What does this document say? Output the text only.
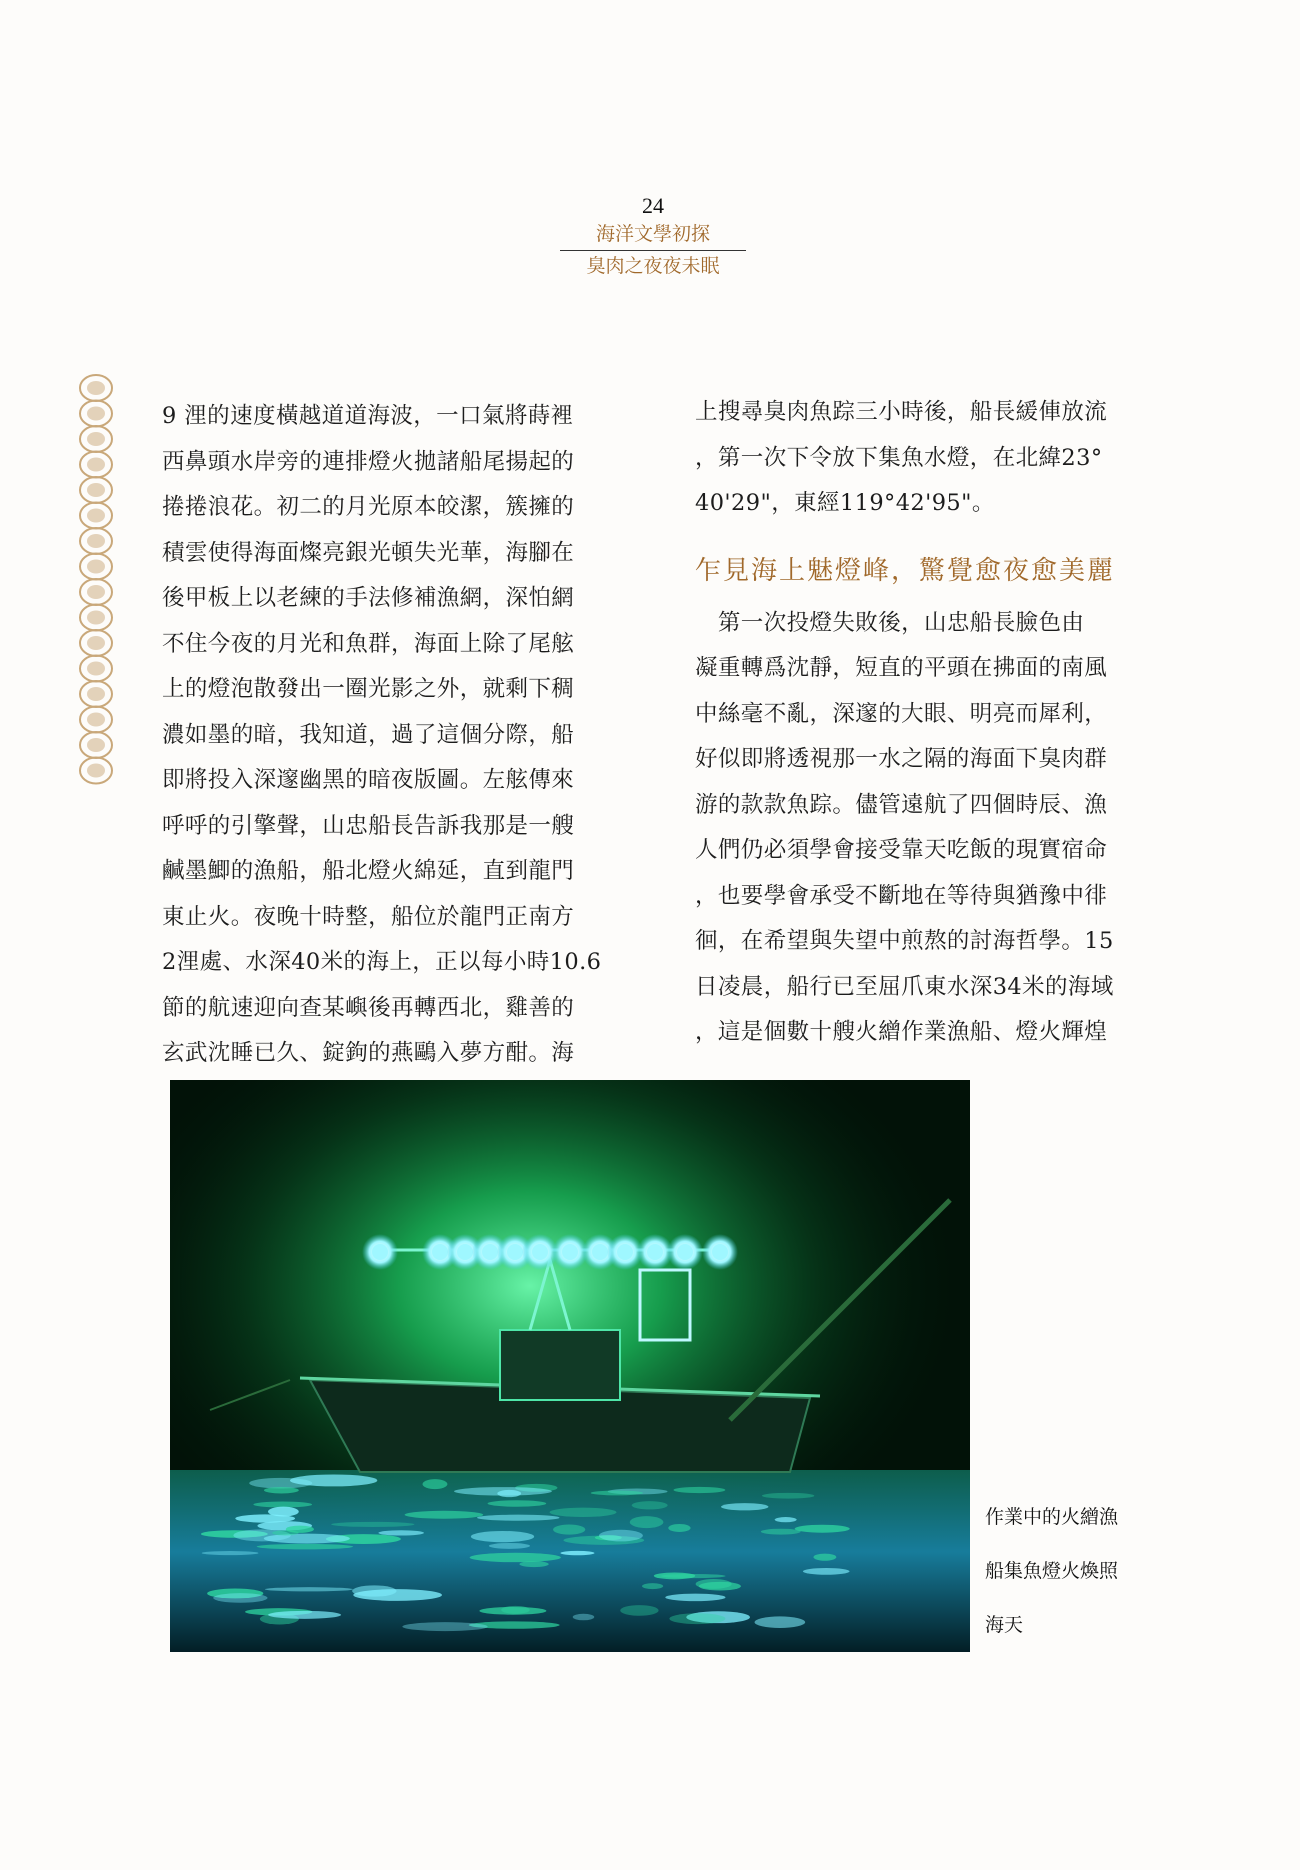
24
海洋文學初探
臭肉之夜夜未眠
9 浬的速度橫越道道海波，一口氣將蒔裡
西鼻頭水岸旁的連排燈火拋諸船尾揚起的
捲捲浪花。初二的月光原本皎潔，簇擁的
積雲使得海面燦亮銀光頓失光華，海腳在
後甲板上以老練的手法修補漁網，深怕網
不住今夜的月光和魚群，海面上除了尾舷
上的燈泡散發出一圈光影之外，就剩下稠
濃如墨的暗，我知道，過了這個分際，船
即將投入深邃幽黑的暗夜版圖。左舷傳來
呼呼的引擎聲，山忠船長告訴我那是一艘
鹹墨鯽的漁船，船北燈火綿延，直到龍門
東止火。夜晚十時整，船位於龍門正南方
2浬處、水深40米的海上，正以每小時10.6
節的航速迎向查某嶼後再轉西北，雞善的
玄武沈睡已久、錠鉤的燕鷗入夢方酣。海
上搜尋臭肉魚踪三小時後，船長緩俥放流
，第一次下令放下集魚水燈，在北緯23°
40'29"，東經119°42'95"。
乍見海上魅燈峰，驚覺愈夜愈美麗
　第一次投燈失敗後，山忠船長臉色由
凝重轉爲沈靜，短直的平頭在拂面的南風
中絲毫不亂，深邃的大眼、明亮而犀利，
好似即將透視那一水之隔的海面下臭肉群
游的款款魚踪。儘管遠航了四個時辰、漁
人們仍必須學會接受靠天吃飯的現實宿命
，也要學會承受不斷地在等待與猶豫中徘
徊，在希望與失望中煎熬的討海哲學。15
日凌晨，船行已至屈爪東水深34米的海域
，這是個數十艘火繒作業漁船、燈火輝煌
作業中的火繒漁
船集魚燈火煥照
海天
